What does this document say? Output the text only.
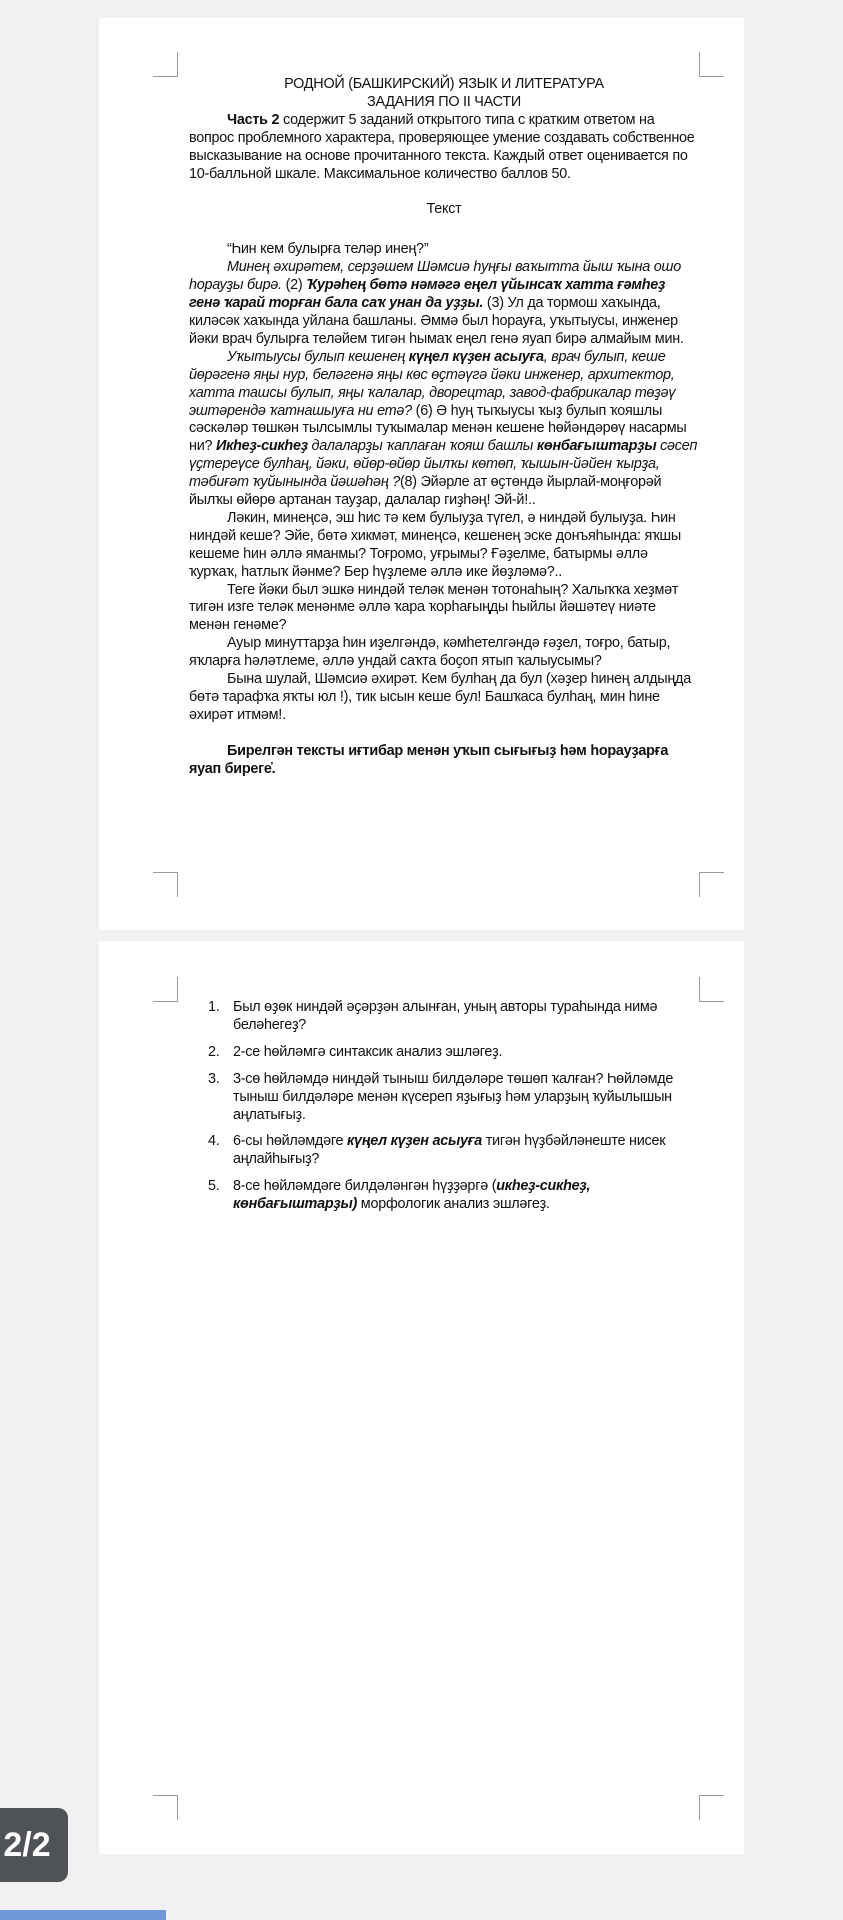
РОДНОЙ (БАШКИРСКИЙ) ЯЗЫК И ЛИТЕРАТУРА

ЗАДАНИЯ ПО II ЧАСТИ

Часть 2 содержит 5 заданий открытого типа с кратким ответом на вопрос проблемного характера, проверяющее умение создавать собственное высказывание на основе прочитанного текста. Каждый ответ оценивается по 10-балльной шкале. Максимальное количество баллов 50.

Текст

“Һин кем булырға теләр инең?”

Минең әхирәтем, серҙәшем Шәмсиә һуңғы ваҡытта йыш ҡына ошо һорауҙы бирә. (2) Ҡурәһең бөтә нәмәгә еңел үйынсаҡ хатта ғәмһеҙ генә ҡарай торған бала саҡ унан да уҙҙы. (3) Ул да тормош хаҡында, киләсәк хаҡында уйлана башланы. Әммә был һорауға, уҡытыусы, инженер йәки врач булырға теләйем тигән һымаҡ еңел генә яуап бирә алмайым мин.

Уҡытыусы булып кешенең күңел күҙен асыуға, врач булып, кеше йөрәгенә яңы нур, белəгенә яңы көс өҫтәүгә йәки инженер, архитектор, хатта ташсы булып, яңы ҡалалар, дворецтар, завод-фабрикалар төҙәү эштәрендә ҡатнашыуға ни етә? (6) Ә һуң тыҡыусы ҡыҙ булып ҡояшлы сәскәләр төшкән тылсымлы туҡымалар менән кешене һөйәндәрөү насармы ни? Икһеҙ-сикһеҙ далаларҙы ҡаплаған ҡояш башлы көнбағыштарҙы сәсеп үҫтереүсе булһаң, йәки, өйөр-өйөр йылҡы көтөп, ҡышын-йәйен ҡырҙа, тәбиғәт ҡуйынында йәшәһәң ?(8) Эйәрле ат өҫтөндә йырлай-моңғорәй йылҡы өйөрө артанан тауҙар, далалар гиҙһәң! Эй-й!..

Ләкин, минеңсә, эш һис тә кем булыуҙа түгел, ә ниндәй булыуҙа. Һин ниндәй кеше? Эйе, бөтә хикмәт, минеңсә, кешенең эске донъяһында: яҡшы кешеме һин әллә яманмы? Тоғромо, уғрымы? Ғәҙелме, батырмы әллә ҡурҡаҡ, һатлыҡ йәнме? Бер һүҙлеме әллә ике йөҙләмә?..

Теге йәки был эшкә ниндәй теләк менән тотонаһың? Халыҡҡа хеҙмәт тигән изге теләк менәнме әллә ҡара ҡорһағыңды һыйлы йәшәтеү ниәте менән генәме?

Ауыр минуттарҙа һин иҙелгәндә, кәмһетелгәндә ғәҙел, тоғро, батыр, яҡларға һәләтлеме, әллә ундай саҡта боҫоп ятып ҡалыусымы?

Бына шулай, Шәмсиә әхирәт. Кем булһаң да бул (хәҙер һинең алдыңда бөтә тарафҡа яҡты юл !), тик ысын кеше бул! Башҡаса булһаң, мин һине әхирәт итмәм!.

Бирелгән тексты иғтибар менән уҡып сығығыҙ һәм һорауҙарға яуап биреге҆.

1. Был өҙөк ниндәй әҫәрҙән алынған, уның авторы тураһында нимә беләһегеҙ?
2. 2-се һөйләмгә синтаксик анализ эшләгеҙ.
3. 3-сө һөйләмдә ниндәй тыныш билдәләре төшөп ҡалған? Һөйләмде тыныш билдәләре менән күсереп яҙығыҙ һәм уларҙың ҡуйылышын аңлатығыҙ.
4. 6-сы һөйләмдәге күңел күҙен асыуға тигән һүҙбәйләнеште нисек аңлайһығыҙ?
5. 8-се һөйләмдәге билдәләнгән һүҙҙәргә (икһеҙ-сикһеҙ, көнбағыштарҙы) морфологик анализ эшләгеҙ.
2/2
